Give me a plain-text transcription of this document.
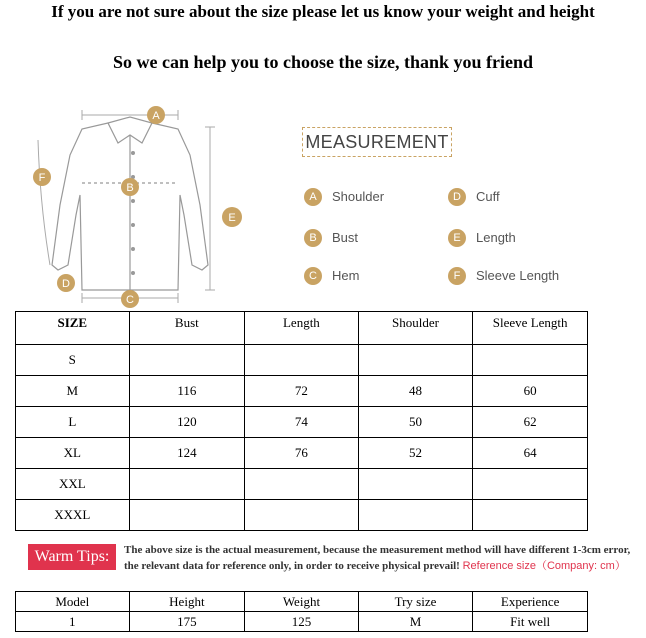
If you are not sure about the size please let us know your weight and height
So we can help you to choose the size, thank you friend
A
B
C
D
E
F
MEASUREMENT
A	Shoulder
B	Bust
C	Hem
D	Cuff
E	Length
F	Sleeve Length
SIZE	Bust	Length	Shoulder	Sleeve Length
S				
M	116	72	48	60
L	120	74	50	62
XL	124	76	52	64
XXL				
XXXL				
Warm Tips:	The above size is the actual measurement, because the measurement method will have different 1-3cm error,
the relevant data for reference only, in order to receive physical prevail! Reference size（Company: cm）
Model	Height	Weight	Try size	Experience
1	175	125	M	Fit well
